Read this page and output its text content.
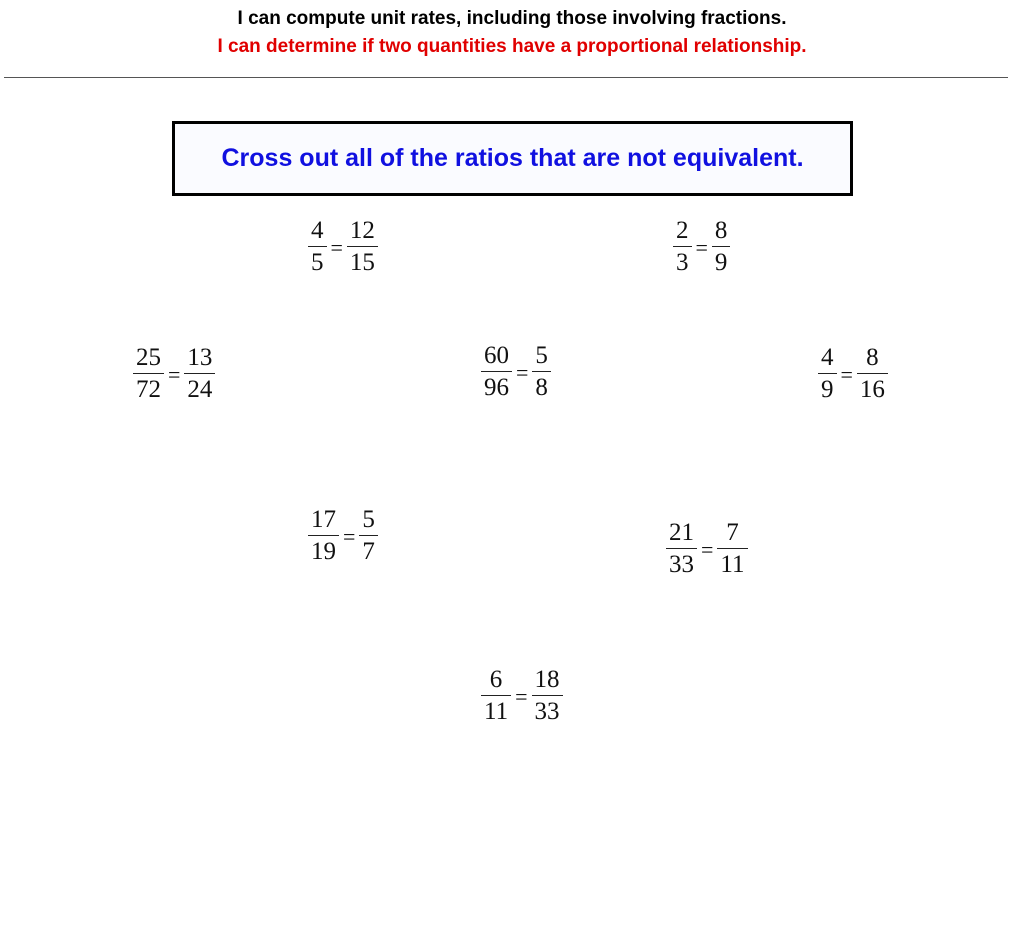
I can compute unit rates, including those involving fractions.
I can determine if two quantities have a proportional relationship.
Cross out all of the ratios that are not equivalent.
$\frac{4}{5} = \frac{12}{15}$	$\frac{2}{3} = \frac{8}{9}$
$\frac{25}{72} = \frac{13}{24}$	$\frac{60}{96} = \frac{5}{8}$	$\frac{4}{9} = \frac{8}{16}$
$\frac{17}{19} = \frac{5}{7}$	$\frac{21}{33} = \frac{7}{11}$
$\frac{6}{11} = \frac{18}{33}$
